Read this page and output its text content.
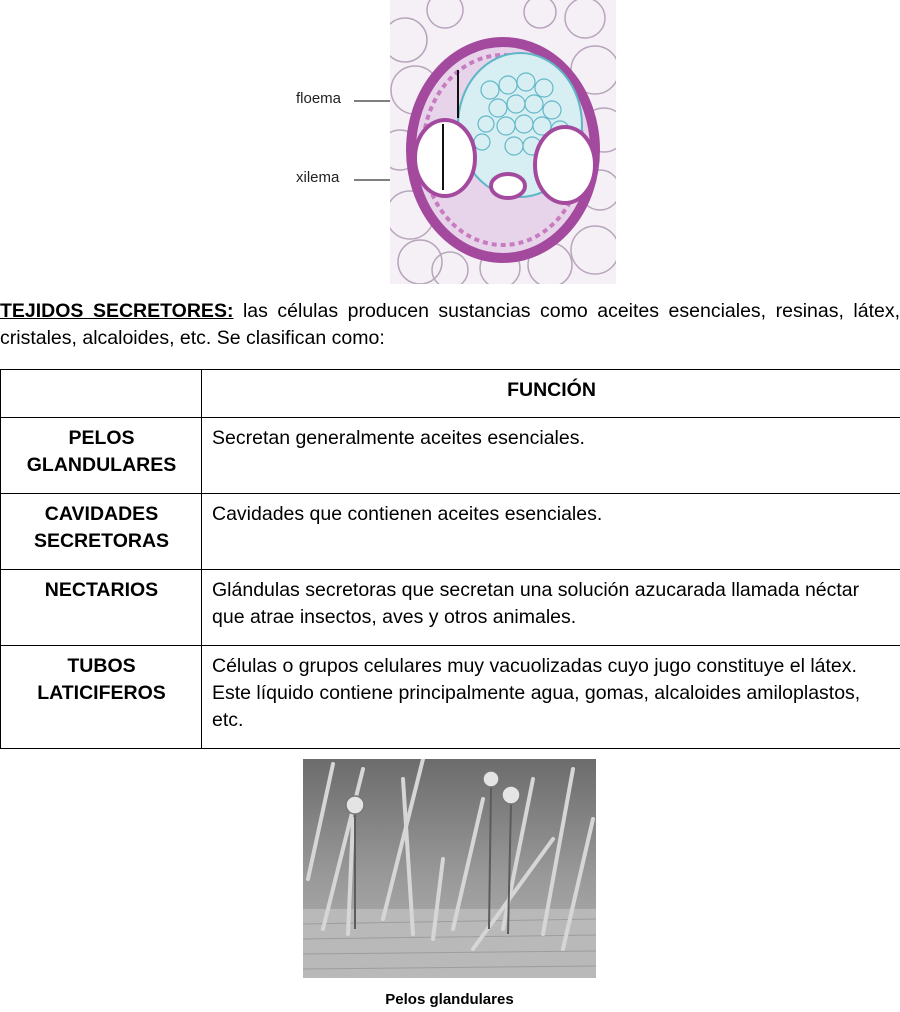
floema
xilema

TEJIDOS SECRETORES: las células producen sustancias como aceites esenciales, resinas, látex, cristales, alcaloides, etc. Se clasifican como:

	FUNCIÓN
PELOS
GLANDULARES	Secretan generalmente aceites esenciales.
CAVIDADES
SECRETORAS	Cavidades que contienen aceites esenciales.
NECTARIOS	Glándulas secretoras que secretan una solución azucarada llamada néctar que atrae insectos, aves y otros animales.
TUBOS
LATICIFEROS	Células o grupos celulares muy vacuolizadas cuyo jugo constituye el látex. Este líquido contiene principalmente agua, gomas, alcaloides amiloplastos, etc.
Pelos glandulares
